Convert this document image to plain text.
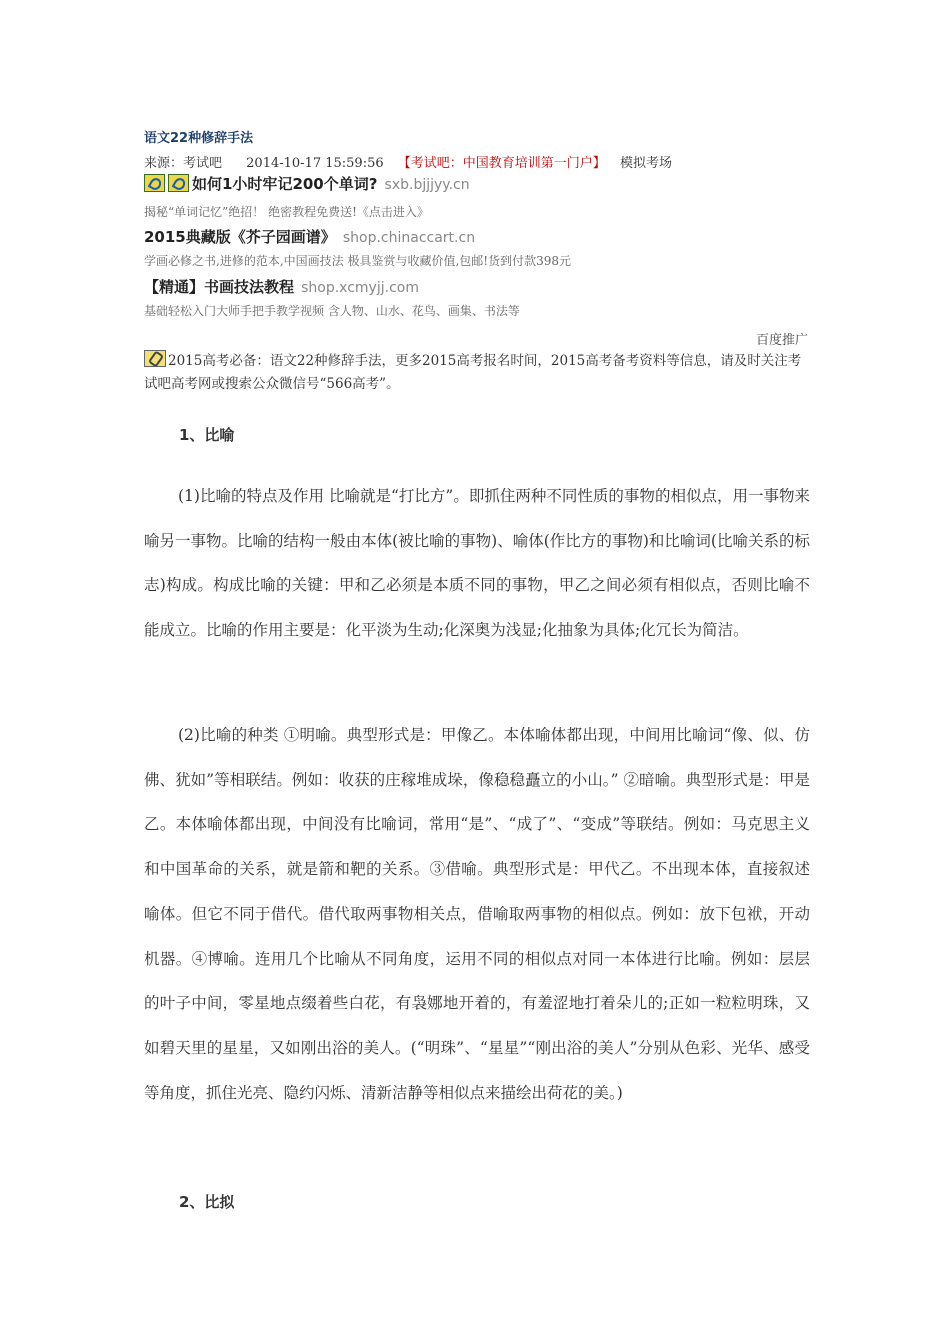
语文22种修辞手法
来源：考试吧 2014-10-17 15:59:56 【考试吧：中国教育培训第一门户】 模拟考场
如何1小时牢记200个单词? sxb.bjjjyy.cn
揭秘“单词记忆”绝招！ 绝密教程免费送!《点击进入》
2015典藏版《芥子园画谱》 shop.chinaccart.cn
学画必修之书,进修的范本,中国画技法 极具鉴赏与收藏价值,包邮!货到付款398元
【精通】书画技法教程 shop.xcmyjj.com
基础轻松入门大师手把手教学视频 含人物、山水、花鸟、画集、书法等
百度推广
2015高考必备：语文22种修辞手法，更多2015高考报名时间，2015高考备考资料等信息，请及时关注考试吧高考网或搜索公众微信号“566高考”。
1、比喻
(1)比喻的特点及作用 比喻就是“打比方”。即抓住两种不同性质的事物的相似点，用一事物来喻另一事物。比喻的结构一般由本体(被比喻的事物)、喻体(作比方的事物)和比喻词(比喻关系的标志)构成。构成比喻的关键：甲和乙必须是本质不同的事物，甲乙之间必须有相似点，否则比喻不能成立。比喻的作用主要是：化平淡为生动;化深奥为浅显;化抽象为具体;化冗长为简洁。
(2)比喻的种类 ①明喻。典型形式是：甲像乙。本体喻体都出现，中间用比喻词“像、似、仿佛、犹如”等相联结。例如：收获的庄稼堆成垛，像稳稳矗立的小山。” ②暗喻。典型形式是：甲是乙。本体喻体都出现，中间没有比喻词，常用“是”、“成了”、“变成”等联结。例如：马克思主义和中国革命的关系，就是箭和靶的关系。③借喻。典型形式是：甲代乙。不出现本体，直接叙述喻体。但它不同于借代。借代取两事物相关点，借喻取两事物的相似点。例如：放下包袱，开动机器。④博喻。连用几个比喻从不同角度，运用不同的相似点对同一本体进行比喻。例如：层层的叶子中间，零星地点缀着些白花，有袅娜地开着的，有羞涩地打着朵儿的;正如一粒粒明珠，又如碧天里的星星，又如刚出浴的美人。(“明珠”、“星星”“刚出浴的美人”分别从色彩、光华、感受等角度，抓住光亮、隐约闪烁、清新洁静等相似点来描绘出荷花的美。)
2、比拟
